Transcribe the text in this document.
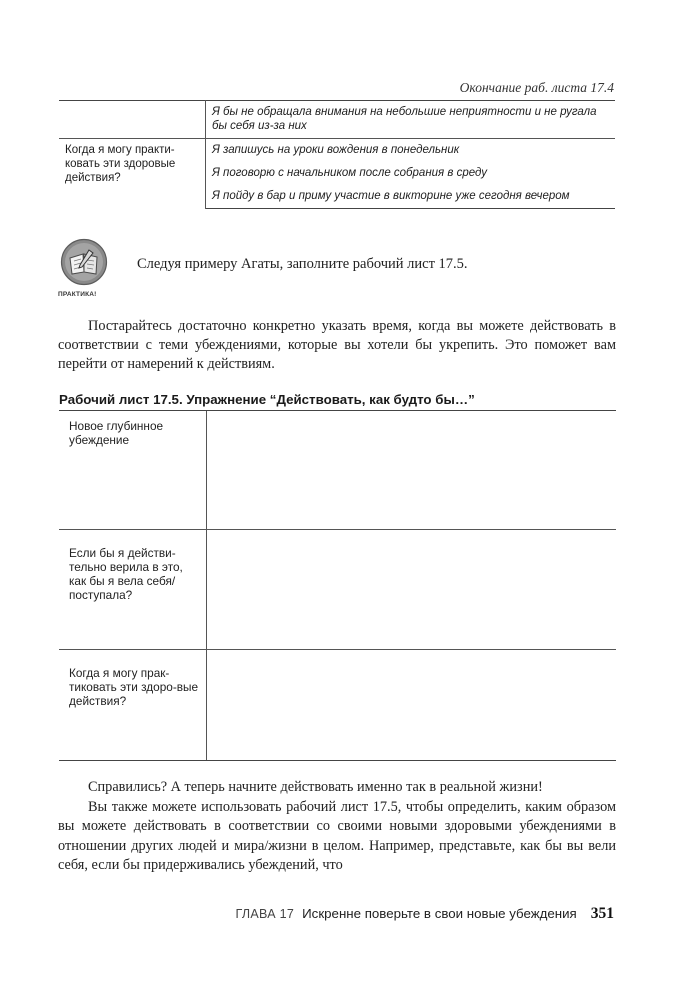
Окончание раб. листа 17.4
	Я бы не обращала внимания на небольшие неприятности и не ругала бы себя из-за них
Когда я могу практи-ковать эти здоровые действия?	Я запишусь на уроки вождения в понедельник
	Я поговорю с начальником после собрания в среду
	Я пойду в бар и приму участие в викторине уже сегодня вечером
ПРАКТИКА!
Следуя примеру Агаты, заполните рабочий лист 17.5.
Постарайтесь достаточно конкретно указать время, когда вы можете действовать в соответствии с теми убеждениями, которые вы хотели бы укрепить. Это поможет вам перейти от намерений к действиям.
Рабочий лист 17.5. Упражнение “Действовать, как будто бы…”
Новое глубинное убеждение
Если бы я действи-тельно верила в это, как бы я вела себя/ поступала?
Когда я могу прак-тиковать эти здоро-вые действия?

Справились? А теперь начните действовать именно так в реальной жизни!

Вы также можете использовать рабочий лист 17.5, чтобы определить, каким образом вы можете действовать в соответствии со своими новыми здоровыми убеждениями в отношении других людей и мира/жизни в целом. Например, представьте, как бы вы вели себя, если бы придерживались убеждений, что

ГЛАВА 17 Искренне поверьте в свои новые убеждения 351
